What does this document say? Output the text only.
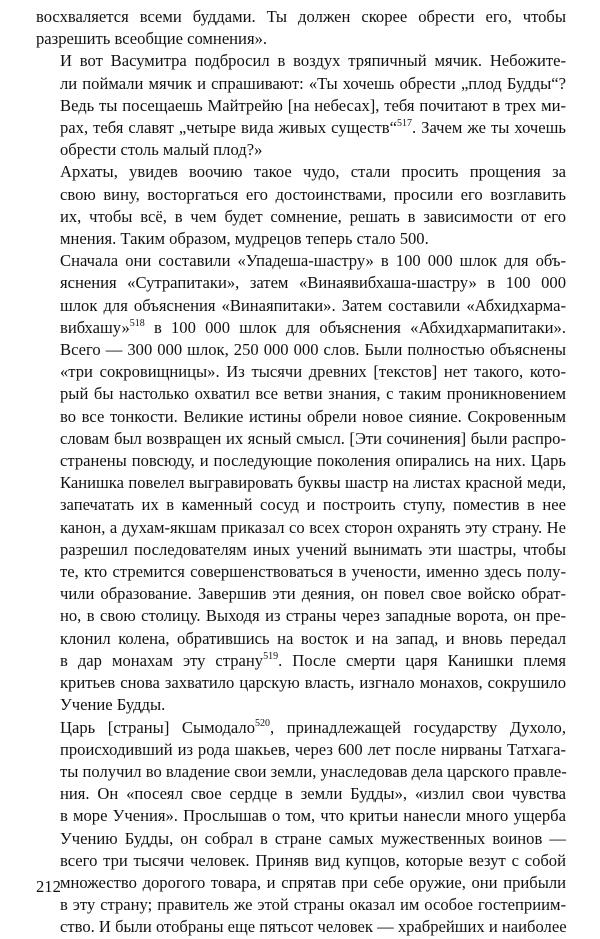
восхваляется всеми буддами. Ты должен скорее обрести его, чтобы
разрешить всеобщие сомнения».
И вот Васумитра подбросил в воздух тряпичный мячик. Небожите-
ли поймали мячик и спрашивают: «Ты хочешь обрести „плод Будды“?
Ведь ты посещаешь Майтрейю [на небесах], тебя почитают в трех ми-
рах, тебя славят „четыре вида живых существ“$^{517}$. Зачем же ты хочешь
обрести столь малый плод?»
Архаты, увидев воочию такое чудо, стали просить прощения за
свою вину, восторгаться его достоинствами, просили его возглавить
их, чтобы всё, в чем будет сомнение, решать в зависимости от его
мнения. Таким образом, мудрецов теперь стало 500.
Сначала они составили «Упадеша-шастру» в 100 000 шлок для объ-
яснения «Сутрапитаки», затем «Винаявибхаша-шастру» в 100 000
шлок для объяснения «Винаяпитаки». Затем составили «Абхидхарма-
вибхашу»$^{518}$ в 100 000 шлок для объяснения «Абхидхармапитаки».
Всего — 300 000 шлок, 250 000 000 слов. Были полностью объяснены
«три сокровищницы». Из тысячи древних [текстов] нет такого, кото-
рый бы настолько охватил все ветви знания, с таким проникновением
во все тонкости. Великие истины обрели новое сияние. Сокровенным
словам был возвращен их ясный смысл. [Эти сочинения] были распро-
странены повсюду, и последующие поколения опирались на них. Царь
Канишка повелел выгравировать буквы шастр на листах красной меди,
запечатать их в каменный сосуд и построить ступу, поместив в нее
канон, а духам-якшам приказал со всех сторон охранять эту страну. Не
разрешил последователям иных учений вынимать эти шастры, чтобы
те, кто стремится совершенствоваться в учености, именно здесь полу-
чили образование. Завершив эти деяния, он повел свое войско обрат-
но, в свою столицу. Выходя из страны через западные ворота, он пре-
клонил колена, обратившись на восток и на запад, и вновь передал
в дар монахам эту страну$^{519}$. После смерти царя Канишки племя
критьев снова захватило царскую власть, изгнало монахов, сокрушило
Учение Будды.
Царь [страны] Сымодало$^{520}$, принадлежащей государству Духоло,
происходивший из рода шакьев, через 600 лет после нирваны Татхага-
ты получил во владение свои земли, унаследовав дела царского правле-
ния. Он «посеял свое сердце в земли Будды», «излил свои чувства
в море Учения». Прослышав о том, что критьи нанесли много ущерба
Учению Будды, он собрал в стране самых мужественных воинов —
всего три тысячи человек. Приняв вид купцов, которые везут с собой
множество дорогого товара, и спрятав при себе оружие, они прибыли
в эту страну; правитель же этой страны оказал им особое гостеприим-
ство. И были отобраны еще пятьсот человек — храбрейших и наиболее
212
